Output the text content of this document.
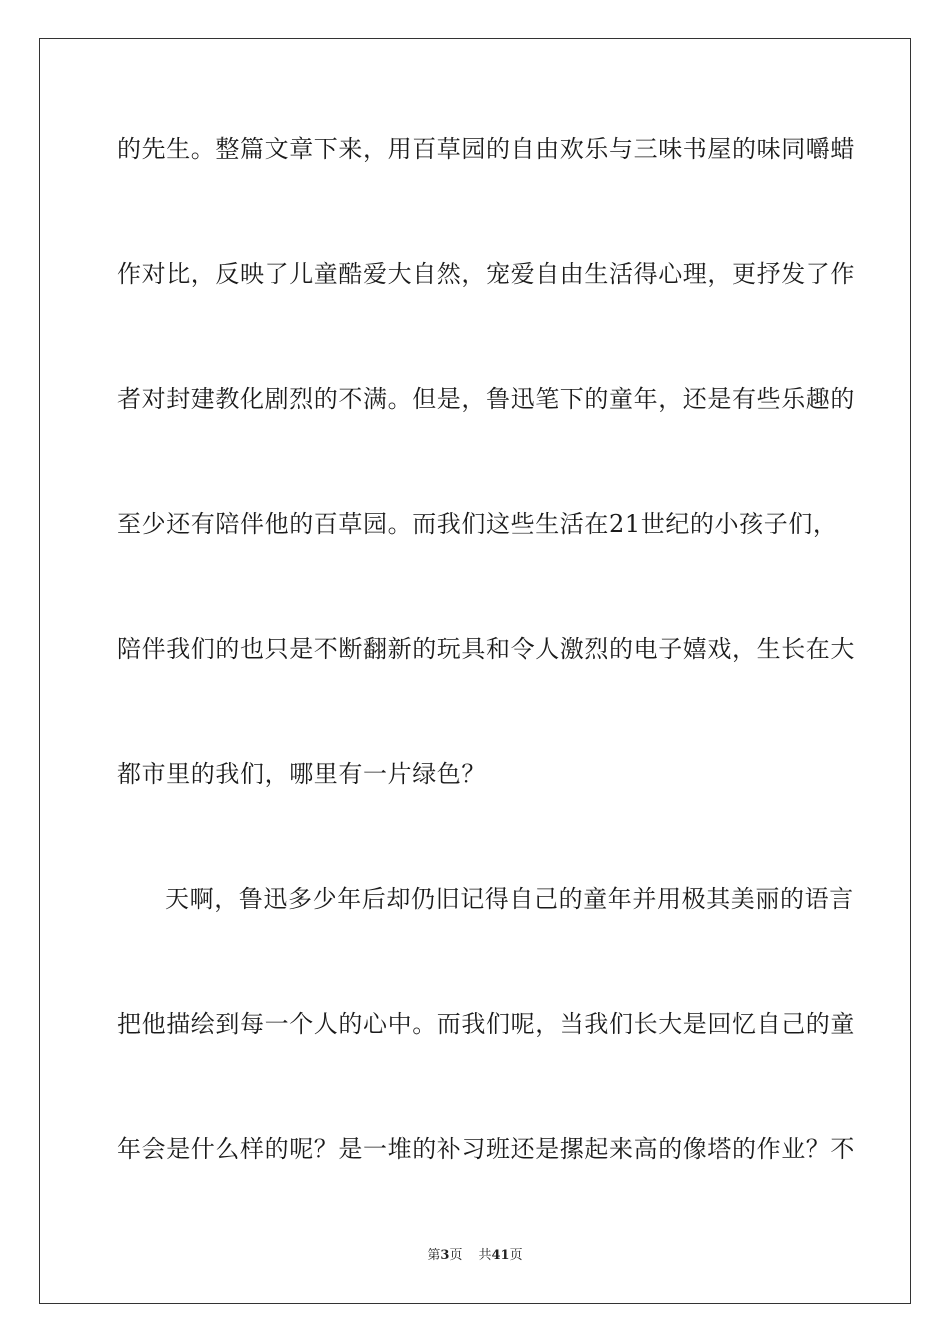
的先生。整篇文章下来，用百草园的自由欢乐与三味书屋的味同嚼蜡
作对比，反映了儿童酷爱大自然，宠爱自由生活得心理，更抒发了作
者对封建教化剧烈的不满。但是，鲁迅笔下的童年，还是有些乐趣的
至少还有陪伴他的百草园。而我们这些生活在21世纪的小孩子们，
陪伴我们的也只是不断翻新的玩具和令人激烈的电子嬉戏，生长在大
都市里的我们，哪里有一片绿色？
天啊，鲁迅多少年后却仍旧记得自己的童年并用极其美丽的语言
把他描绘到每一个人的心中。而我们呢，当我们长大是回忆自己的童
年会是什么样的呢？是一堆的补习班还是摞起来高的像塔的作业？不
第3页 共41页
